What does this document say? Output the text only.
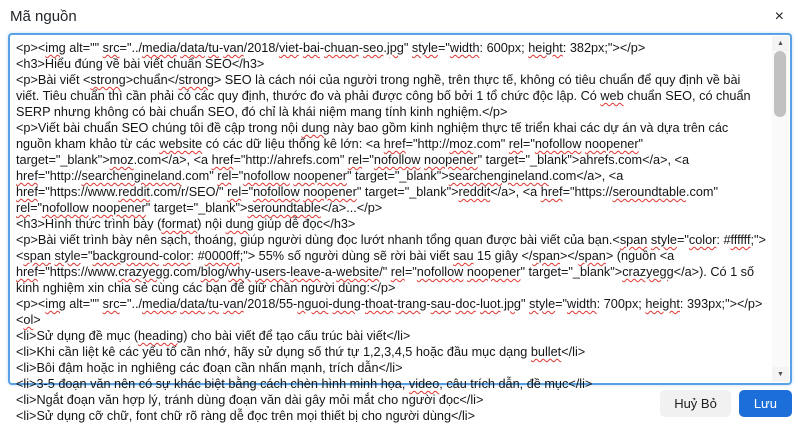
Mã nguồn	×
<p><img alt="" src="../media/data/tu-van/2018/viet-bai-chuan-seo.jpg" style="width: 600px; height: 382px;"></p>
<h3>Hiểu đúng về bài viết chuẩn SEO</h3>
<p>Bài viết <strong>chuẩn</strong> SEO là cách nói của người trong nghề, trên thực tế, không có tiêu chuẩn để quy định về bài viết. Tiêu chuẩn thì cần phải có các quy định, thước đo và phải được công bố bởi 1 tổ chức độc lập. Có web chuẩn SEO, có chuẩn SERP nhưng không có bài chuẩn SEO, đó chỉ là khái niệm mang tính kinh nghiệm.</p>
<p>Viết bài chuẩn SEO chúng tôi đề cập trong nội dung này bao gồm kinh nghiệm thực tế triển khai các dự án và dựa trên các nguồn kham khảo từ các website có các dữ liệu thống kê lớn: <a href="http://moz.com" rel="nofollow noopener" target="_blank">moz.com</a>, <a href="http://ahrefs.com" rel="nofollow noopener" target="_blank">ahrefs.com</a>, <a href="http://searchengineland.com" rel="nofollow noopener" target="_blank">searchengineland.com</a>, <a href="https://www.reddit.com/r/SEO/" rel="nofollow noopener" target="_blank">reddit</a>, <a href="https://seroundtable.com" rel="nofollow noopener" target="_blank">seroundtable</a>...</p>
<h3>Hình thức trình bày (format) nội dung giúp dễ đọc</h3>
<p>Bài viết trình bày nên sạch, thoáng, giúp người dùng đọc lướt nhanh tổng quan được bài viết của bạn.<span style="color: #ffffff;"><span style="background-color: #0000ff;"> 55% số người dùng sẽ rời bài viết sau 15 giây </span></span> (nguồn <a href="https://www.crazyegg.com/blog/why-users-leave-a-website/" rel="nofollow noopener" target="_blank">crazyegg</a>). Có 1 số kinh nghiệm xin chia sẻ cùng các bạn để giữ chân người dùng:</p>
<p><img alt="" src="../media/data/tu-van/2018/55-nguoi-dung-thoat-trang-sau-doc-luot.jpg" style="width: 700px; height: 393px;"></p>
<ol>
<li>Sử dụng đề mục (heading) cho bài viết để tạo cấu trúc bài viết</li>
<li>Khi cần liệt kê các yếu tố cần nhớ, hãy sử dụng số thứ tự 1,2,3,4,5 hoặc đầu mục dạng bullet</li>
<li>Bôi đậm hoặc in nghiêng các đoạn cần nhấn mạnh, trích dẫn</li>
<li>3-5 đoạn văn nên có sự khác biệt bằng cách chèn hình minh họa, video, câu trích dẫn, đề mục</li>
<li>Ngắt đoạn văn hợp lý, tránh dùng đoạn văn dài gây mỏi mắt cho người đọc</li>
<li>Sử dụng cỡ chữ, font chữ rõ ràng dễ đọc trên mọi thiết bị cho người dùng</li>
▲
▼
Huỷ Bỏ	Lưu
